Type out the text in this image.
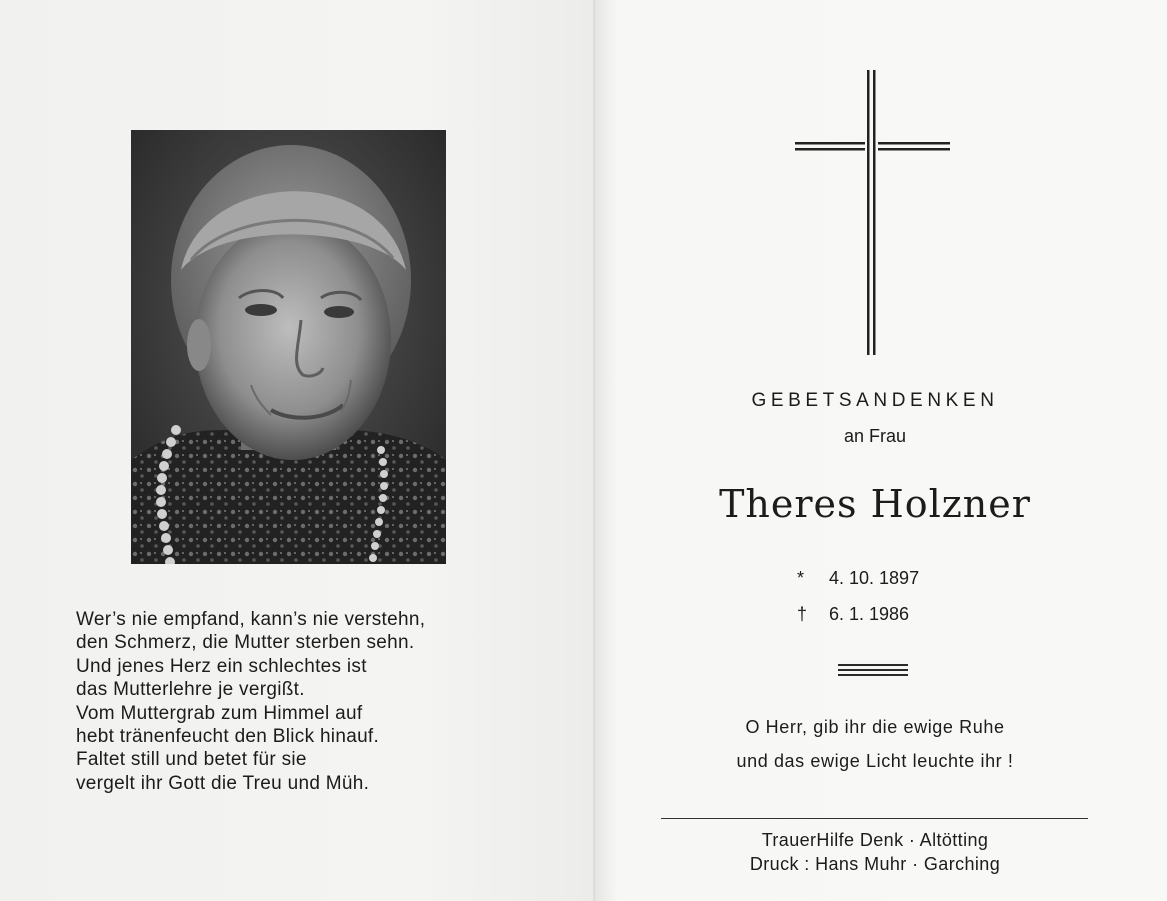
Wer’s nie empfand, kann’s nie verstehn,
den Schmerz, die Mutter sterben sehn.
Und jenes Herz ein schlechtes ist
das Mutterlehre je vergißt.
Vom Muttergrab zum Himmel auf
hebt tränenfeucht den Blick hinauf.
Faltet still und betet für sie
vergelt ihr Gott die Treu und Müh.
GEBETSANDENKEN
an Frau
Theres Holzner
* 4. 10. 1897
† 6. 1. 1986
O Herr, gib ihr die ewige Ruhe
und das ewige Licht leuchte ihr !
TrauerHilfe Denk · Altötting
Druck : Hans Muhr · Garching
